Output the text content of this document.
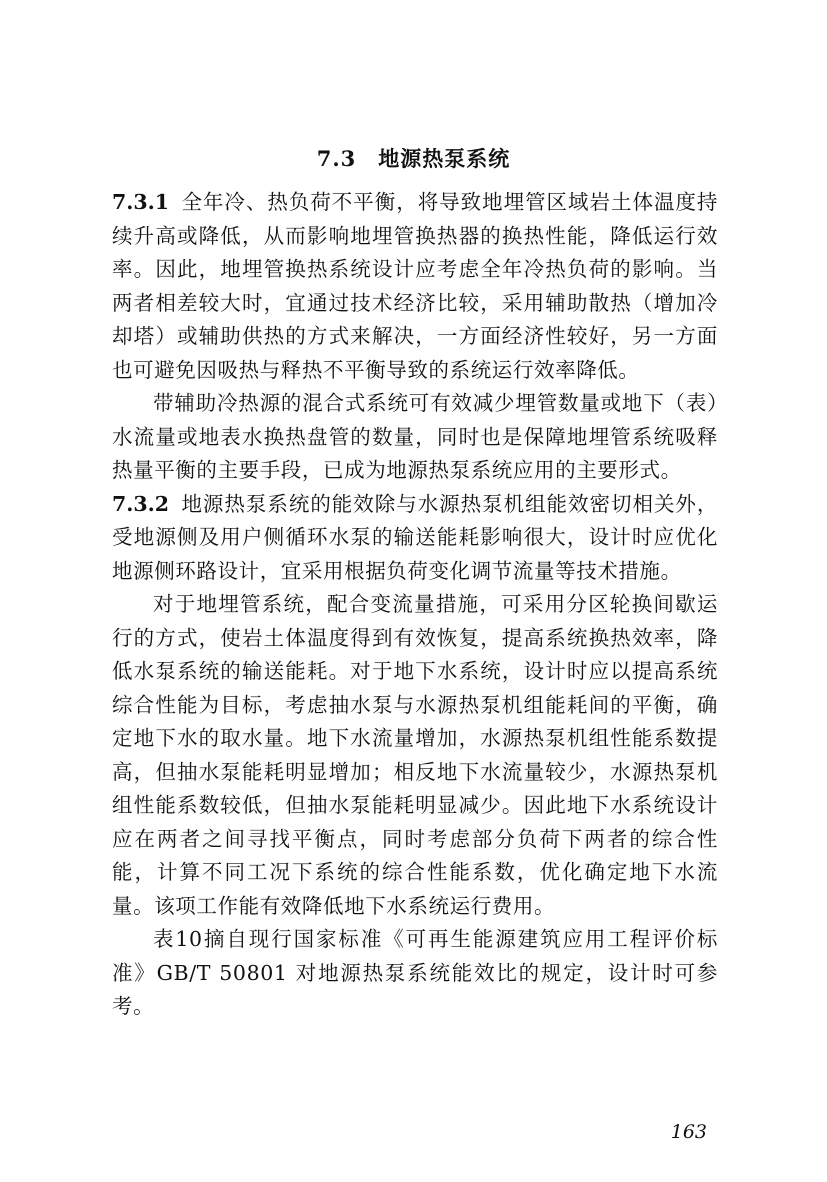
7.3 地源热泵系统

7.3.1 全年冷、热负荷不平衡，将导致地埋管区域岩土体温度持续升高或降低，从而影响地埋管换热器的换热性能，降低运行效率。因此，地埋管换热系统设计应考虑全年冷热负荷的影响。当两者相差较大时，宜通过技术经济比较，采用辅助散热（增加冷却塔）或辅助供热的方式来解决，一方面经济性较好，另一方面也可避免因吸热与释热不平衡导致的系统运行效率降低。

带辅助冷热源的混合式系统可有效减少埋管数量或地下（表）水流量或地表水换热盘管的数量，同时也是保障地埋管系统吸释热量平衡的主要手段，已成为地源热泵系统应用的主要形式。

7.3.2 地源热泵系统的能效除与水源热泵机组能效密切相关外，受地源侧及用户侧循环水泵的输送能耗影响很大，设计时应优化地源侧环路设计，宜采用根据负荷变化调节流量等技术措施。

对于地埋管系统，配合变流量措施，可采用分区轮换间歇运行的方式，使岩土体温度得到有效恢复，提高系统换热效率，降低水泵系统的输送能耗。对于地下水系统，设计时应以提高系统综合性能为目标，考虑抽水泵与水源热泵机组能耗间的平衡，确定地下水的取水量。地下水流量增加，水源热泵机组性能系数提高，但抽水泵能耗明显增加；相反地下水流量较少，水源热泵机组性能系数较低，但抽水泵能耗明显减少。因此地下水系统设计应在两者之间寻找平衡点，同时考虑部分负荷下两者的综合性能，计算不同工况下系统的综合性能系数，优化确定地下水流量。该项工作能有效降低地下水系统运行费用。

表10摘自现行国家标准《可再生能源建筑应用工程评价标准》GB/T 50801 对地源热泵系统能效比的规定，设计时可参考。

163
